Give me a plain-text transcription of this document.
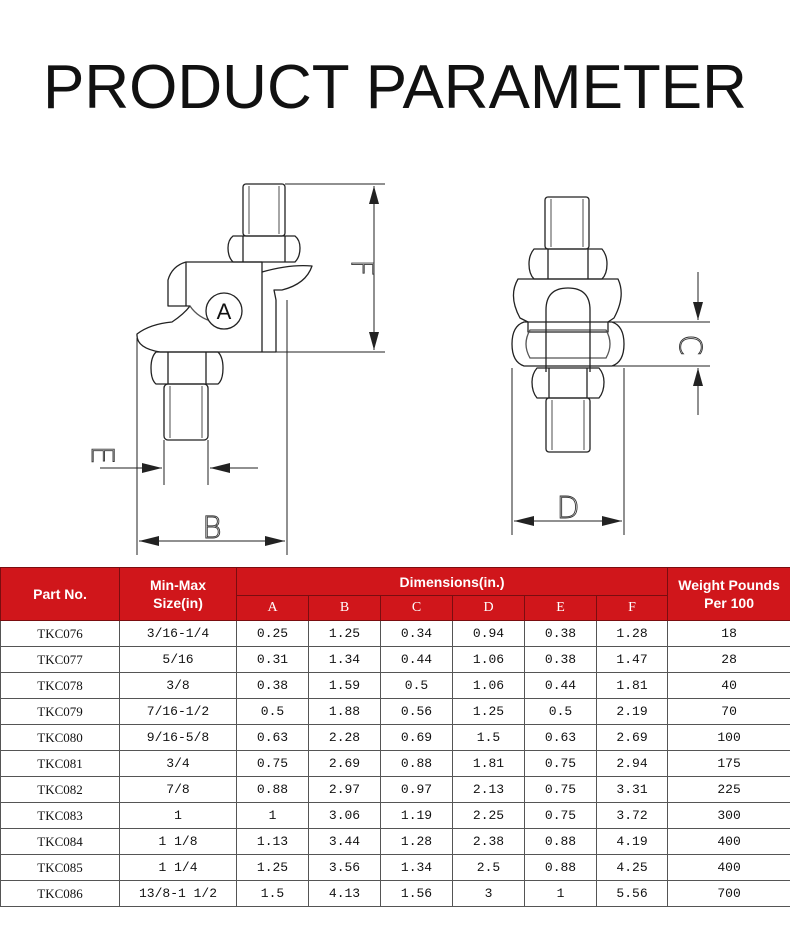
PRODUCT PARAMETER
A
F
E
B
C
D
Part No.	Min-Max Size(in)	Dimensions(in.)						Weight Pounds Per 100
		A	B	C	D	E	F	
TKC076	3/16-1/4	0.25	1.25	0.34	0.94	0.38	1.28	18
TKC077	5/16	0.31	1.34	0.44	1.06	0.38	1.47	28
TKC078	3/8	0.38	1.59	0.5	1.06	0.44	1.81	40
TKC079	7/16-1/2	0.5	1.88	0.56	1.25	0.5	2.19	70
TKC080	9/16-5/8	0.63	2.28	0.69	1.5	0.63	2.69	100
TKC081	3/4	0.75	2.69	0.88	1.81	0.75	2.94	175
TKC082	7/8	0.88	2.97	0.97	2.13	0.75	3.31	225
TKC083	1	1	3.06	1.19	2.25	0.75	3.72	300
TKC084	1 1/8	1.13	3.44	1.28	2.38	0.88	4.19	400
TKC085	1 1/4	1.25	3.56	1.34	2.5	0.88	4.25	400
TKC086	13/8-1 1/2	1.5	4.13	1.56	3	1	5.56	700
